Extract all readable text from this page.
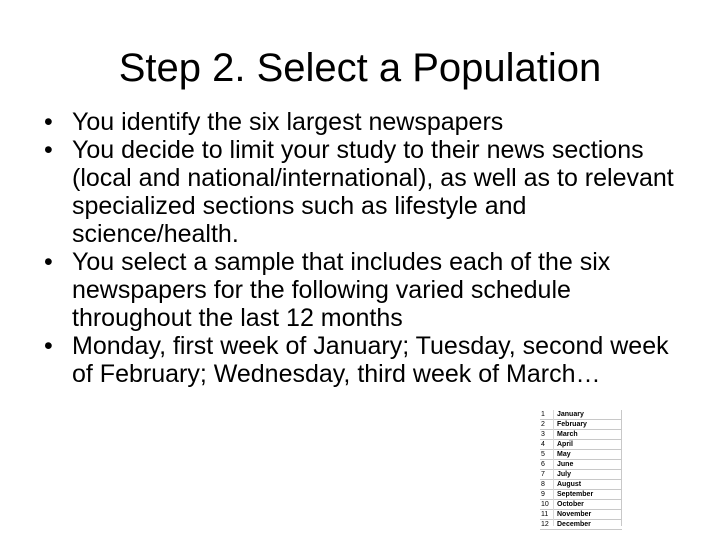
Step 2. Select a Population
• You identify the six largest newspapers
• You decide to limit your study to their news sections (local and national/international), as well as to relevant specialized sections such as lifestyle and science/health.
• You select a sample that includes each of the six newspapers for the following varied schedule throughout the last 12 months
• Monday, first week of January; Tuesday, second week of February; Wednesday, third week of March…
1	January
2	February
3	March
4	April
5	May
6	June
7	July
8	August
9	September
10	October
11	November
12	December
